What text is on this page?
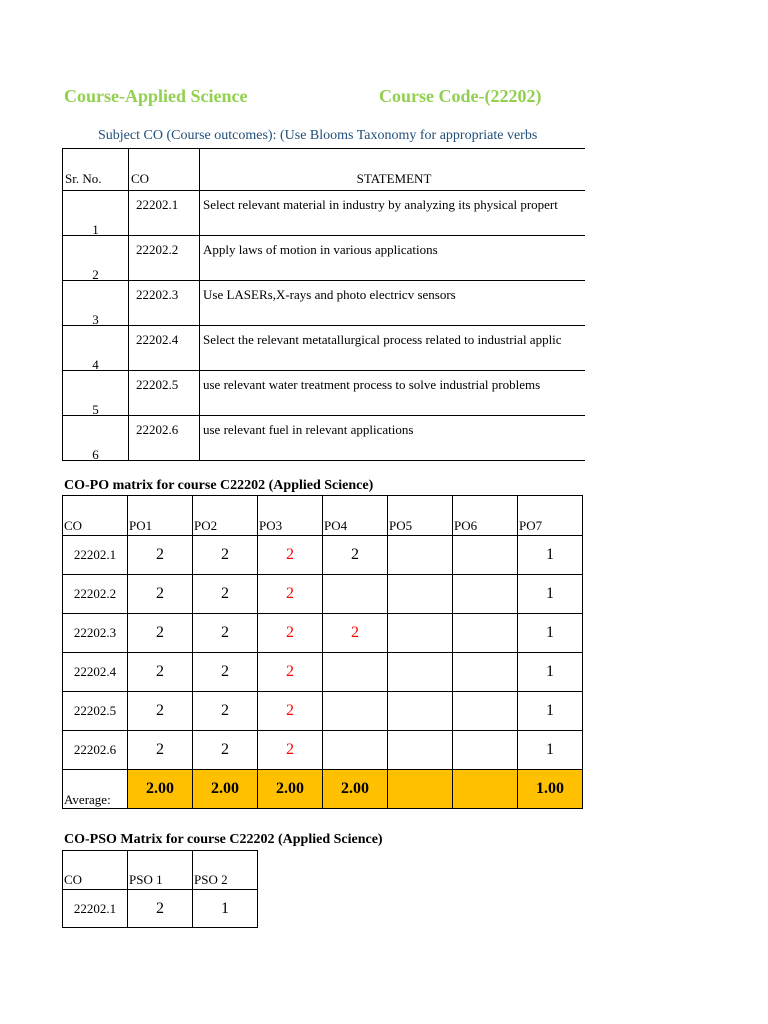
Course-Applied Science	Course Code-(22202)
Subject CO (Course outcomes): (Use Blooms Taxonomy for appropriate verbs
Sr. No.	CO	STATEMENT

1	22202.1	Select relevant material in industry by analyzing its physical propert

2	22202.2	Apply laws of motion in various applications

3	22202.3	Use LASERs,X-rays and photo electricv sensors

4	22202.4	Select the relevant metatallurgical process related to industrial applic

5	22202.5	use relevant water treatment process to solve industrial problems

6	22202.6	use relevant fuel in relevant applications
CO-PO matrix for course C22202 (Applied Science)
CO	PO1	PO2	PO3	PO4	PO5	PO6	PO7
22202.1	2	2	2	2			1
22202.2	2	2	2				1
22202.3	2	2	2	2			1
22202.4	2	2	2				1
22202.5	2	2	2				1
22202.6	2	2	2				1
Average:	2.00	2.00	2.00	2.00			1.00
CO-PSO Matrix for course C22202 (Applied Science)
CO	PSO 1	PSO 2
22202.1	2	1
